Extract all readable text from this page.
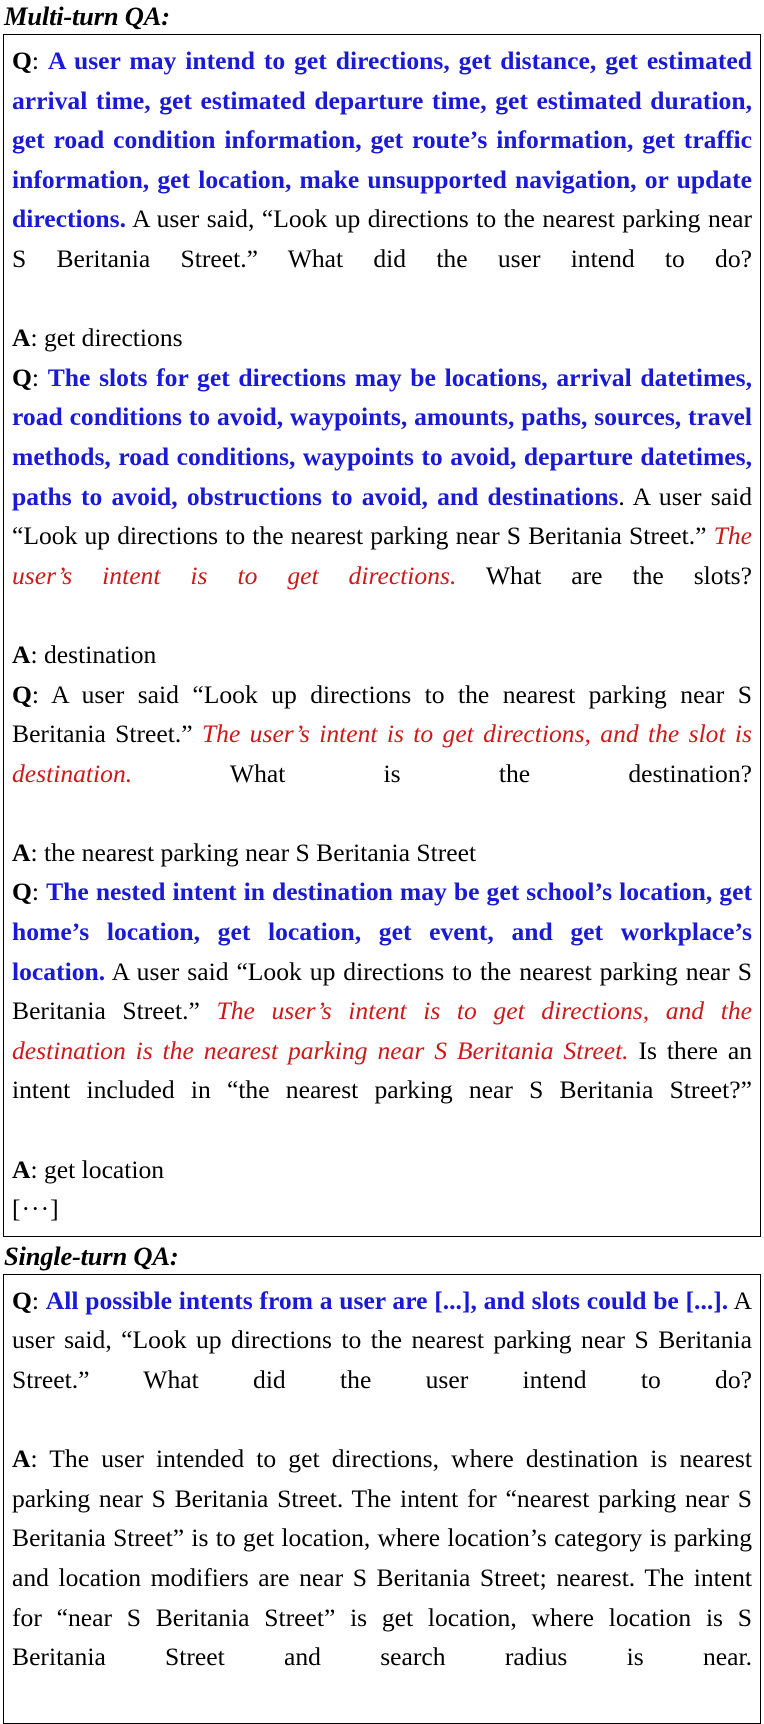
Multi-turn QA:

Q: A user may intend to get directions, get distance, get estimated arrival time, get estimated departure time, get estimated duration, get road condition information, get route’s information, get traffic information, get location, make unsupported navigation, or update directions. A user said, “Look up directions to the nearest parking near S Beritania Street.” What did the user intend to do?

A: get directions

Q: The slots for get directions may be locations, arrival datetimes, road conditions to avoid, waypoints, amounts, paths, sources, travel methods, road conditions, waypoints to avoid, departure datetimes, paths to avoid, obstructions to avoid, and destinations. A user said “Look up directions to the nearest parking near S Beritania Street.” The user’s intent is to get directions. What are the slots?

A: destination

Q: A user said “Look up directions to the nearest parking near S Beritania Street.” The user’s intent is to get directions, and the slot is destination. What is the destination?

A: the nearest parking near S Beritania Street

Q: The nested intent in destination may be get school’s location, get home’s location, get location, get event, and get workplace’s location. A user said “Look up directions to the nearest parking near S Beritania Street.” The user’s intent is to get directions, and the destination is the nearest parking near S Beritania Street. Is there an intent included in “the nearest parking near S Beritania Street?”

A: get location

[···]

Single-turn QA:

Q: All possible intents from a user are [...], and slots could be [...]. A user said, “Look up directions to the nearest parking near S Beritania Street.” What did the user intend to do?

A: The user intended to get directions, where destination is nearest parking near S Beritania Street. The intent for “nearest parking near S Beritania Street” is to get location, where location’s category is parking and location modifiers are near S Beritania Street; nearest. The intent for “near S Beritania Street” is get location, where location is S Beritania Street and search radius is near.
